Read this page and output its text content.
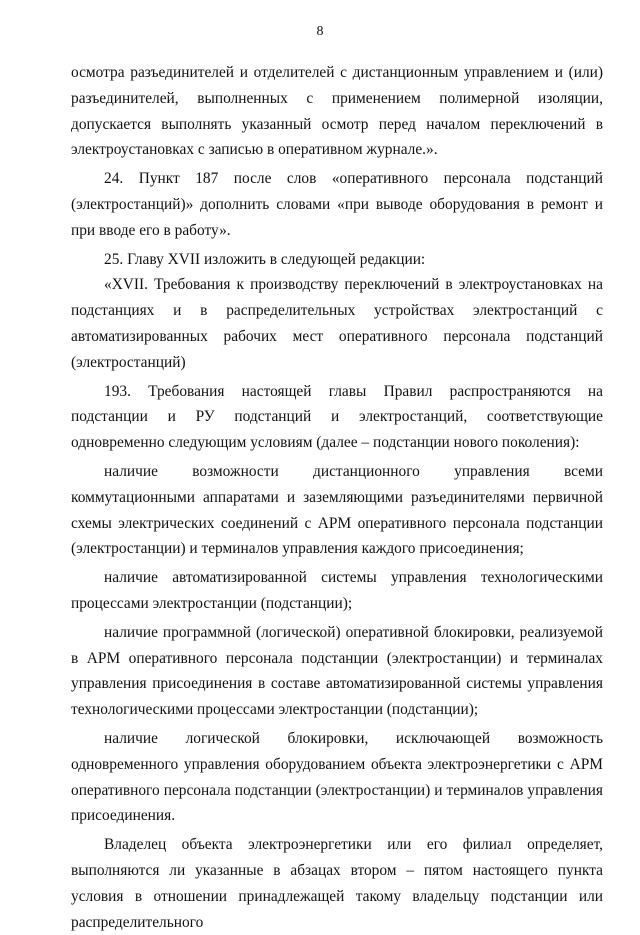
8

осмотра разъединителей и отделителей с дистанционным управлением и (или) разъединителей, выполненных с применением полимерной изоляции, допускается выполнять указанный осмотр перед началом переключений в электроустановках с записью в оперативном журнале.».

24. Пункт 187 после слов «оперативного персонала подстанций (электростанций)» дополнить словами «при выводе оборудования в ремонт и при вводе его в работу».

25. Главу XVII изложить в следующей редакции:

«XVII. Требования к производству переключений в электроустановках на подстанциях и в распределительных устройствах электростанций с автоматизированных рабочих мест оперативного персонала подстанций (электростанций)

193. Требования настоящей главы Правил распространяются на подстанции и РУ подстанций и электростанций, соответствующие одновременно следующим условиям (далее – подстанции нового поколения):

наличие возможности дистанционного управления всеми коммутационными аппаратами и заземляющими разъединителями первичной схемы электрических соединений с АРМ оперативного персонала подстанции (электростанции) и терминалов управления каждого присоединения;

наличие автоматизированной системы управления технологическими процессами электростанции (подстанции);

наличие программной (логической) оперативной блокировки, реализуемой в АРМ оперативного персонала подстанции (электростанции) и терминалах управления присоединения в составе автоматизированной системы управления технологическими процессами электростанции (подстанции);

наличие логической блокировки, исключающей возможность одновременного управления оборудованием объекта электроэнергетики с АРМ оперативного персонала подстанции (электростанции) и терминалов управления присоединения.

Владелец объекта электроэнергетики или его филиал определяет, выполняются ли указанные в абзацах втором – пятом настоящего пункта условия в отношении принадлежащей такому владельцу подстанции или распределительного
